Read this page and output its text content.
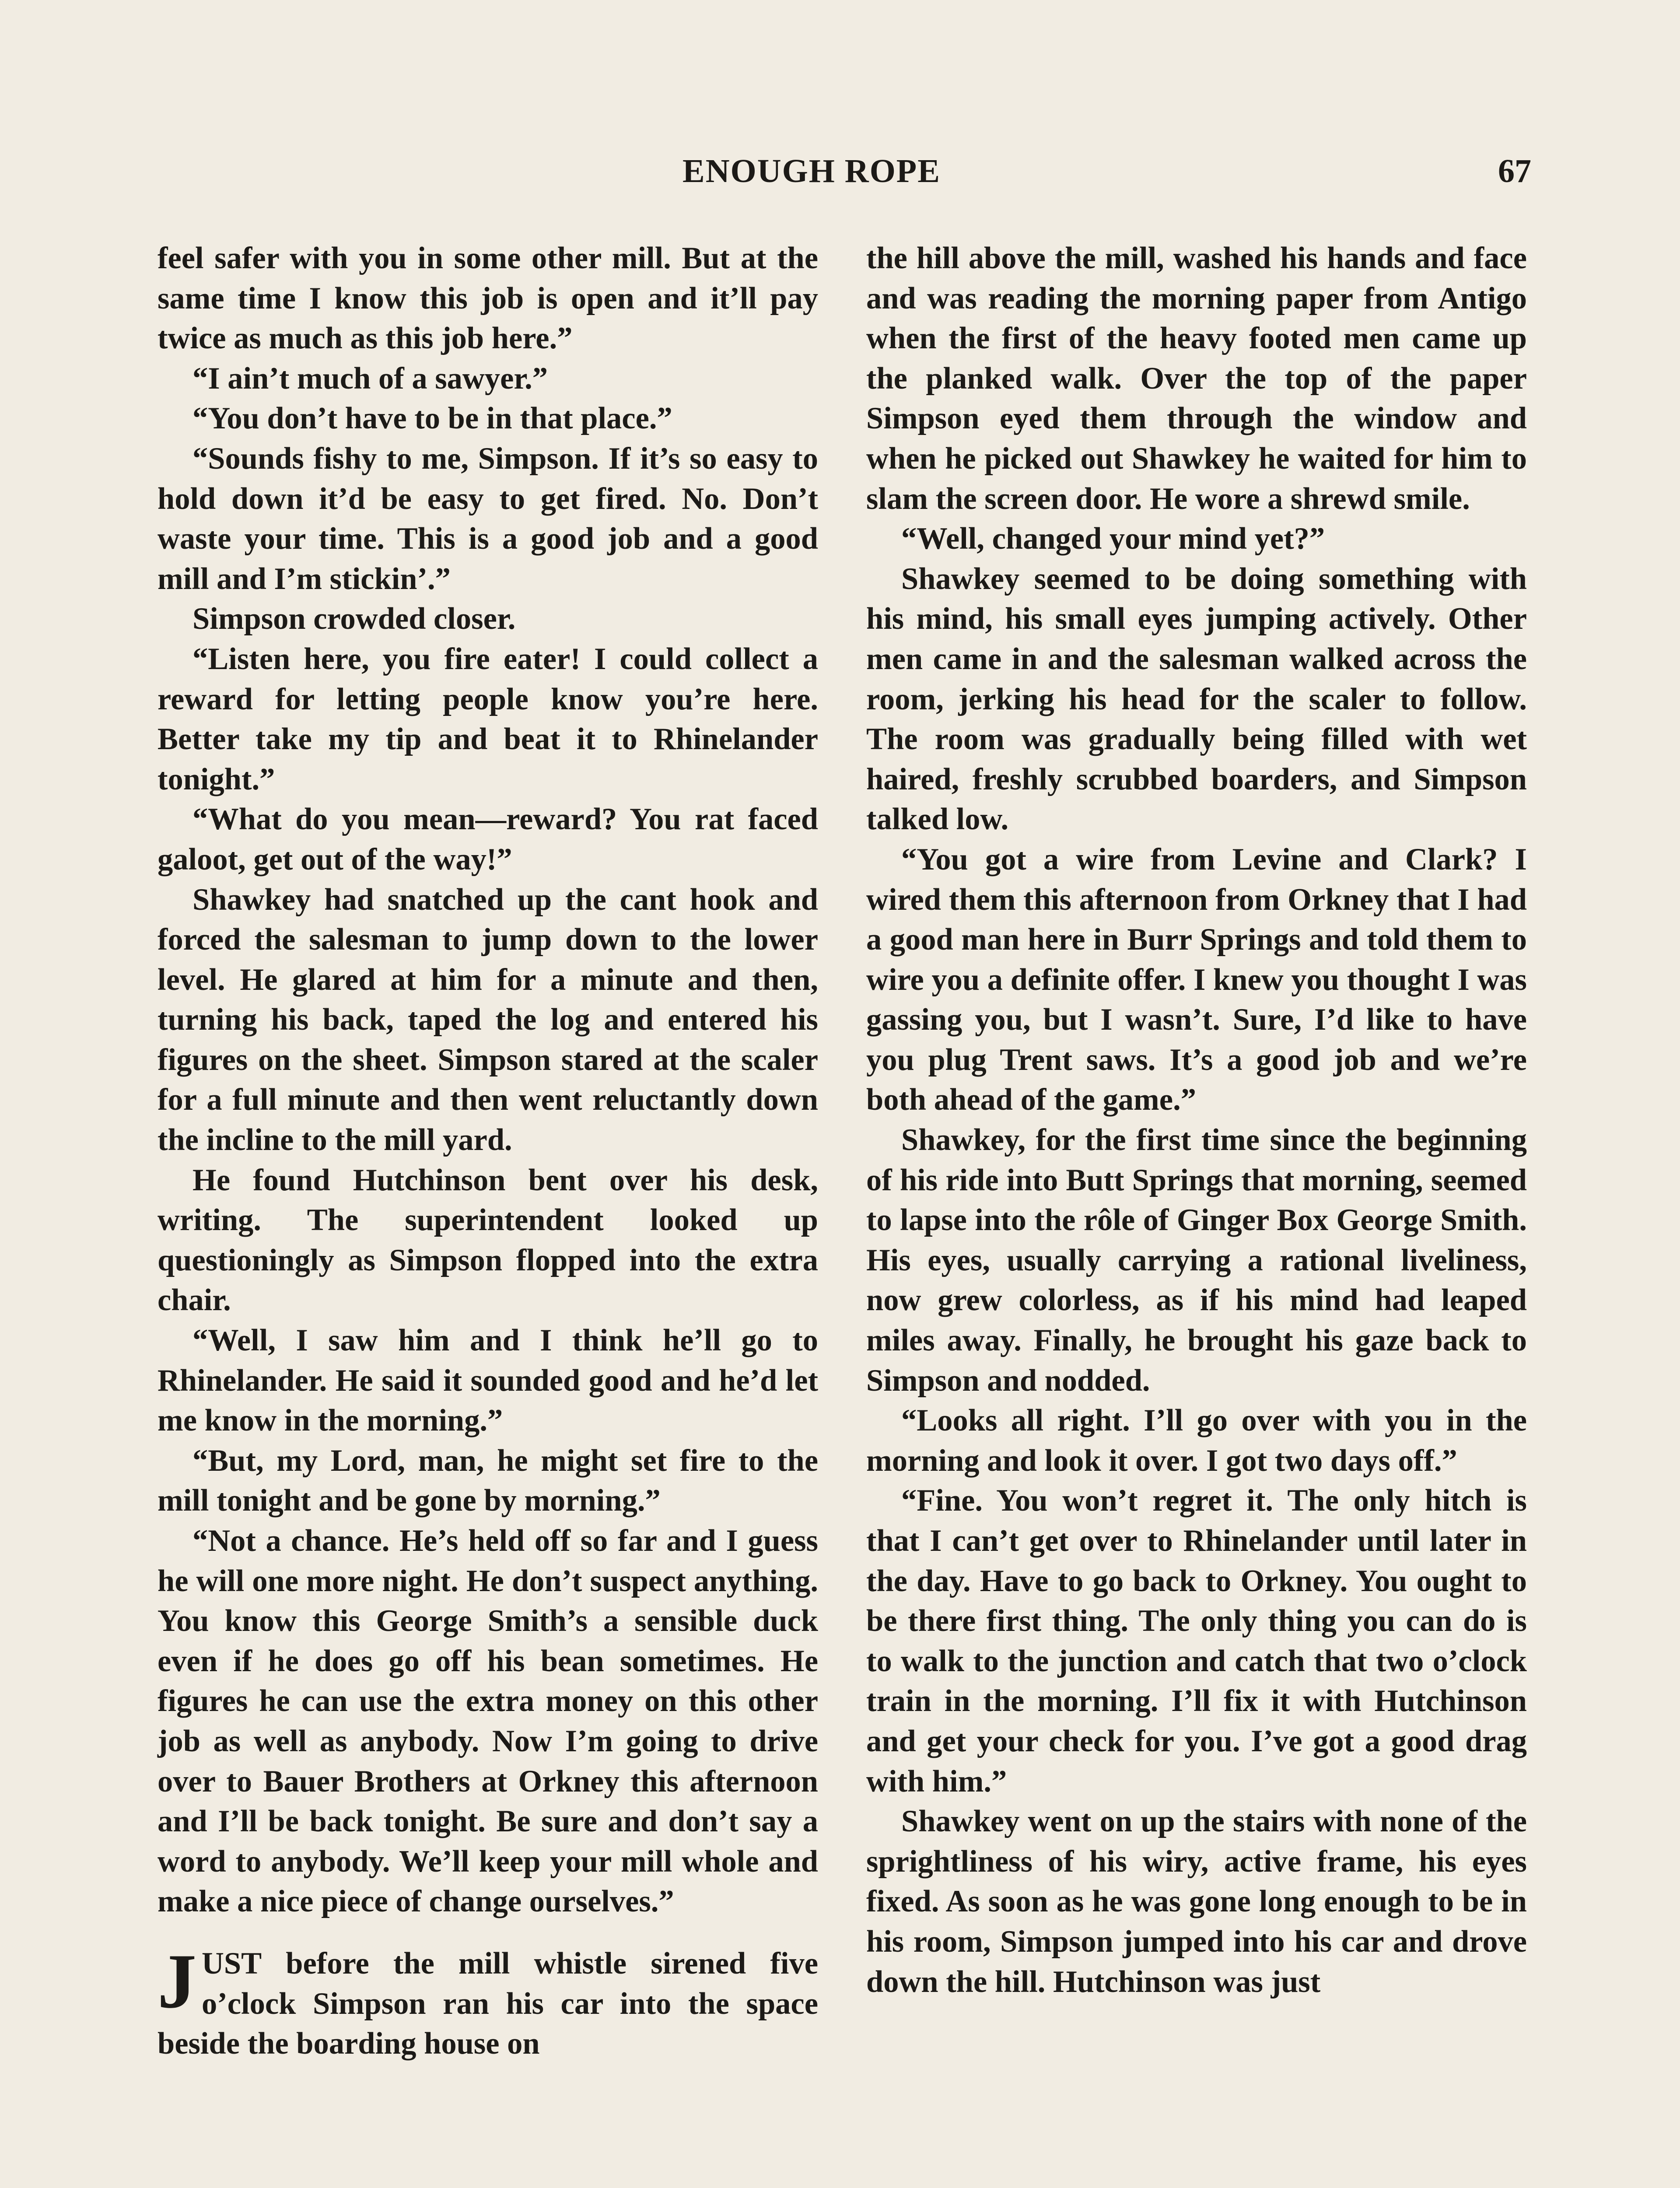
ENOUGH ROPE	67

feel safer with you in some other mill. But at the same time I know this job is open and it’ll pay twice as much as this job here.”

“I ain’t much of a sawyer.”

“You don’t have to be in that place.”

“Sounds fishy to me, Simpson. If it’s so easy to hold down it’d be easy to get fired. No. Don’t waste your time. This is a good job and a good mill and I’m stickin’.”

Simpson crowded closer.

“Listen here, you fire eater! I could collect a reward for letting people know you’re here. Better take my tip and beat it to Rhinelander tonight.”

“What do you mean—reward? You rat faced galoot, get out of the way!”

Shawkey had snatched up the cant hook and forced the salesman to jump down to the lower level. He glared at him for a minute and then, turning his back, taped the log and entered his figures on the sheet. Simpson stared at the scaler for a full minute and then went reluctantly down the incline to the mill yard.

He found Hutchinson bent over his desk, writing. The superintendent looked up questioningly as Simpson flopped into the extra chair.

“Well, I saw him and I think he’ll go to Rhinelander. He said it sounded good and he’d let me know in the morning.”

“But, my Lord, man, he might set fire to the mill tonight and be gone by morning.”

“Not a chance. He’s held off so far and I guess he will one more night. He don’t suspect anything. You know this George Smith’s a sensible duck even if he does go off his bean sometimes. He figures he can use the extra money on this other job as well as anybody. Now I’m going to drive over to Bauer Brothers at Orkney this afternoon and I’ll be back tonight. Be sure and don’t say a word to anybody. We’ll keep your mill whole and make a nice piece of change ourselves.”

JUST before the mill whistle sirened five o’clock Simpson ran his car into the space beside the boarding house on

the hill above the mill, washed his hands and face and was reading the morning paper from Antigo when the first of the heavy footed men came up the planked walk. Over the top of the paper Simpson eyed them through the window and when he picked out Shawkey he waited for him to slam the screen door. He wore a shrewd smile.

“Well, changed your mind yet?”

Shawkey seemed to be doing something with his mind, his small eyes jumping actively. Other men came in and the salesman walked across the room, jerking his head for the scaler to follow. The room was gradually being filled with wet haired, freshly scrubbed boarders, and Simpson talked low.

“You got a wire from Levine and Clark? I wired them this afternoon from Orkney that I had a good man here in Burr Springs and told them to wire you a definite offer. I knew you thought I was gassing you, but I wasn’t. Sure, I’d like to have you plug Trent saws. It’s a good job and we’re both ahead of the game.”

Shawkey, for the first time since the beginning of his ride into Butt Springs that morning, seemed to lapse into the rôle of Ginger Box George Smith. His eyes, usually carrying a rational liveliness, now grew colorless, as if his mind had leaped miles away. Finally, he brought his gaze back to Simpson and nodded.

“Looks all right. I’ll go over with you in the morning and look it over. I got two days off.”

“Fine. You won’t regret it. The only hitch is that I can’t get over to Rhinelander until later in the day. Have to go back to Orkney. You ought to be there first thing. The only thing you can do is to walk to the junction and catch that two o’clock train in the morning. I’ll fix it with Hutchinson and get your check for you. I’ve got a good drag with him.”

Shawkey went on up the stairs with none of the sprightliness of his wiry, active frame, his eyes fixed. As soon as he was gone long enough to be in his room, Simpson jumped into his car and drove down the hill. Hutchinson was just
